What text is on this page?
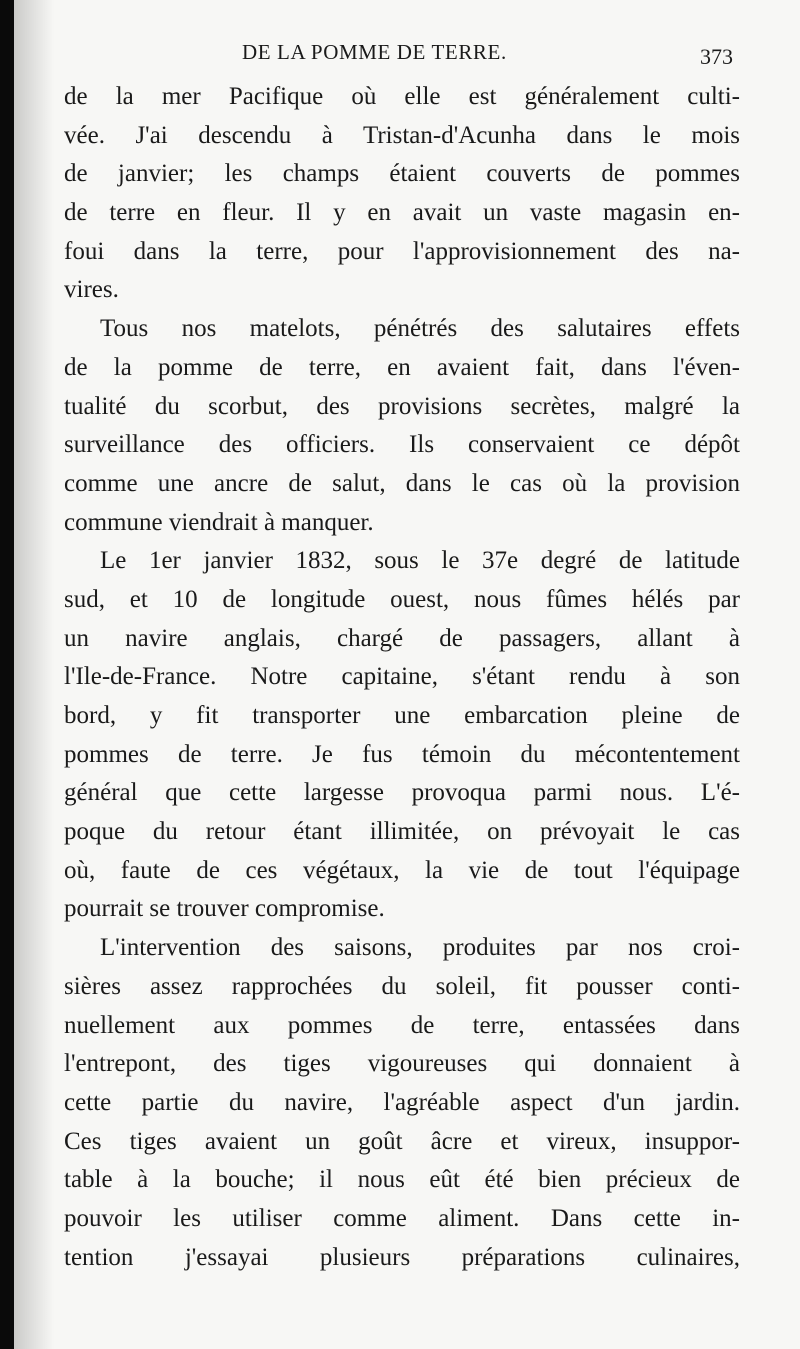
DE LA POMME DE TERRE.	373
de la mer Pacifique où elle est généralement culti-
vée. J'ai descendu à Tristan-d'Acunha dans le mois
de janvier; les champs étaient couverts de pommes
de terre en fleur. Il y en avait un vaste magasin en-
foui dans la terre, pour l'approvisionnement des na-
vires.
Tous nos matelots, pénétrés des salutaires effets
de la pomme de terre, en avaient fait, dans l'éven-
tualité du scorbut, des provisions secrètes, malgré la
surveillance des officiers. Ils conservaient ce dépôt
comme une ancre de salut, dans le cas où la provision
commune viendrait à manquer.
Le 1er janvier 1832, sous le 37e degré de latitude
sud, et 10 de longitude ouest, nous fûmes hélés par
un navire anglais, chargé de passagers, allant à
l'Ile-de-France. Notre capitaine, s'étant rendu à son
bord, y fit transporter une embarcation pleine de
pommes de terre. Je fus témoin du mécontentement
général que cette largesse provoqua parmi nous. L'é-
poque du retour étant illimitée, on prévoyait le cas
où, faute de ces végétaux, la vie de tout l'équipage
pourrait se trouver compromise.
L'intervention des saisons, produites par nos croi-
sières assez rapprochées du soleil, fit pousser conti-
nuellement aux pommes de terre, entassées dans
l'entrepont, des tiges vigoureuses qui donnaient à
cette partie du navire, l'agréable aspect d'un jardin.
Ces tiges avaient un goût âcre et vireux, insuppor-
table à la bouche; il nous eût été bien précieux de
pouvoir les utiliser comme aliment. Dans cette in-
tention j'essayai plusieurs préparations culinaires,
